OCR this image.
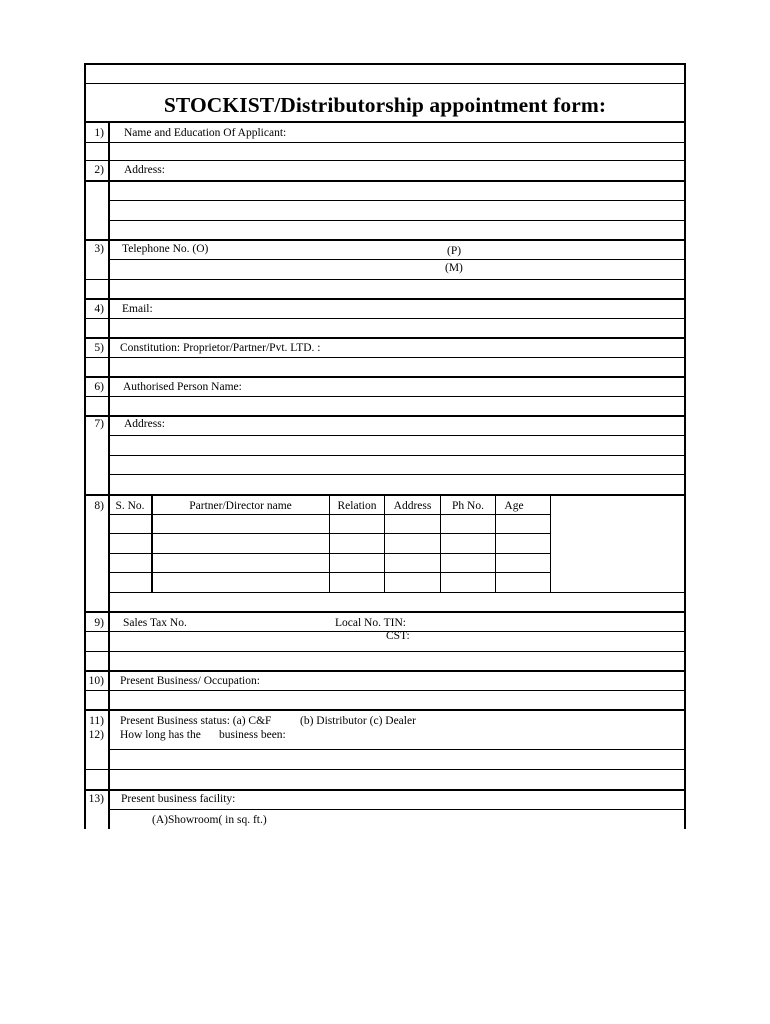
S. No.	Partner/Director name	Relation	Address	Ph No.	Age
STOCKIST/Distributorship appointment form:
1) Name and Education Of Applicant:
2) Address:
3) Telephone No. (O)	(P)
(M)
4) Email:
5) Constitution: Proprietor/Partner/Pvt. LTD. :
6) Authorised Person Name:
7) Address:
8)
9) Sales Tax No.	Local No. TIN:
CST:
10) Present Business/ Occupation:
11) Present Business status: (a) C&F (b) Distributor (c) Dealer
12) How long has the business been:
13) Present business facility:
(A)Showroom( in sq. ft.)
